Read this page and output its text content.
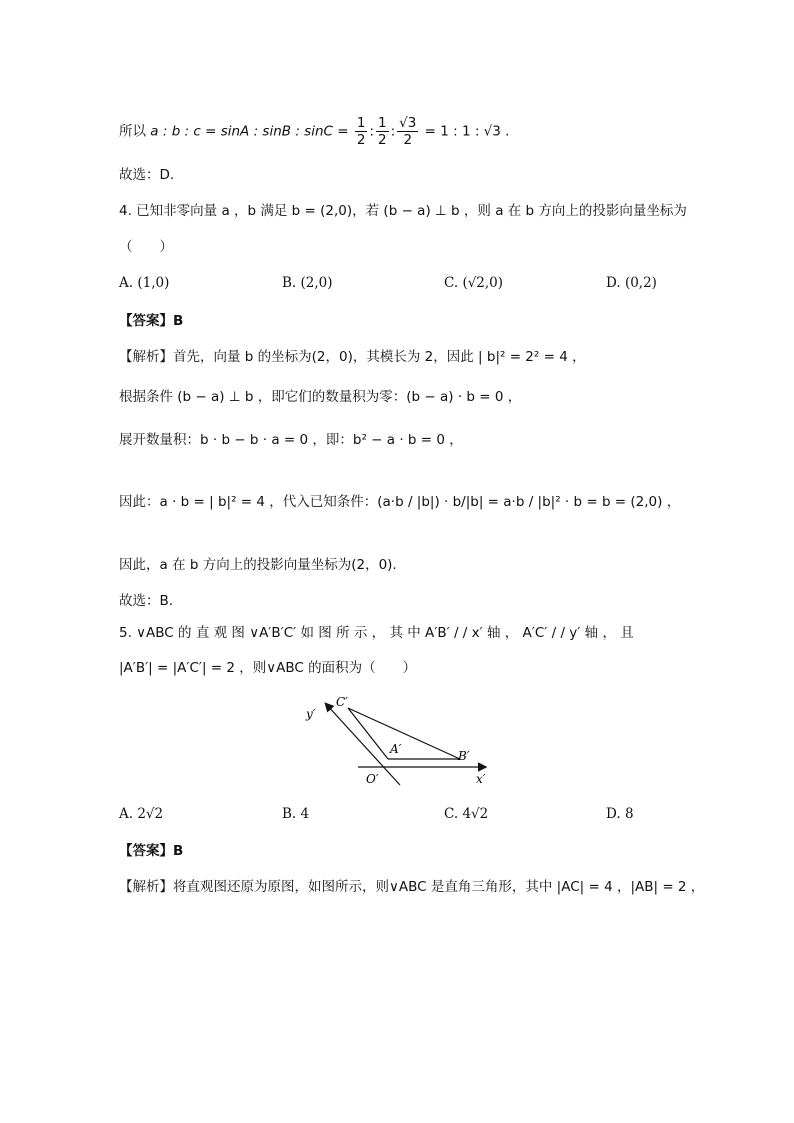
所以 a : b : c = sinA : sinB : $\sin C = \frac{1}{2}$ : $\frac{1}{2}$ : $\frac{√3}{2} = 1$ : 1 : √3 .
故选：D.
4. 已知非零向量 a ，b 满足 b = (2,0)，若 (b − a) ⊥ b ，则 a 在 b 方向上的投影向量坐标为
（　　）
A. (1,0)	B. (2,0)	C. (√2,0)	D. (0,2)
【答案】B
【解析】首先，向量 b 的坐标为(2，0)，其模长为 2，因此 | b|² = 2² = 4 ，
根据条件 (b − a) ⊥ b ，即它们的数量积为零：(b − a) · b = 0 ，
展开数量积：b · b − b · a = 0 ，即：b² − a · b = 0 ，
因此：a · b = | b|² = 4 ，代入已知条件：(a·b / |b|) · b/|b| = a·b / |b|² · b = b = (2,0) ，
因此，a 在 b 方向上的投影向量坐标为(2，0).
故选：B.
5. ∨ABC 的 直 观 图 ∨A′B′C′ 如 图 所 示 ， 其 中 A′B′ / / x′ 轴 ， A′C′ / / y′ 轴 ， 且
|A′B′| = |A′C′| = 2 ，则∨ABC 的面积为（　　）
y′
x′
C′
A′	B′
O′
A. 2√2	B. 4	C. 4√2	D. 8
【答案】B
【解析】将直观图还原为原图，如图所示，则∨ABC 是直角三角形，其中 |AC| = 4 ，|AB| = 2 ，
